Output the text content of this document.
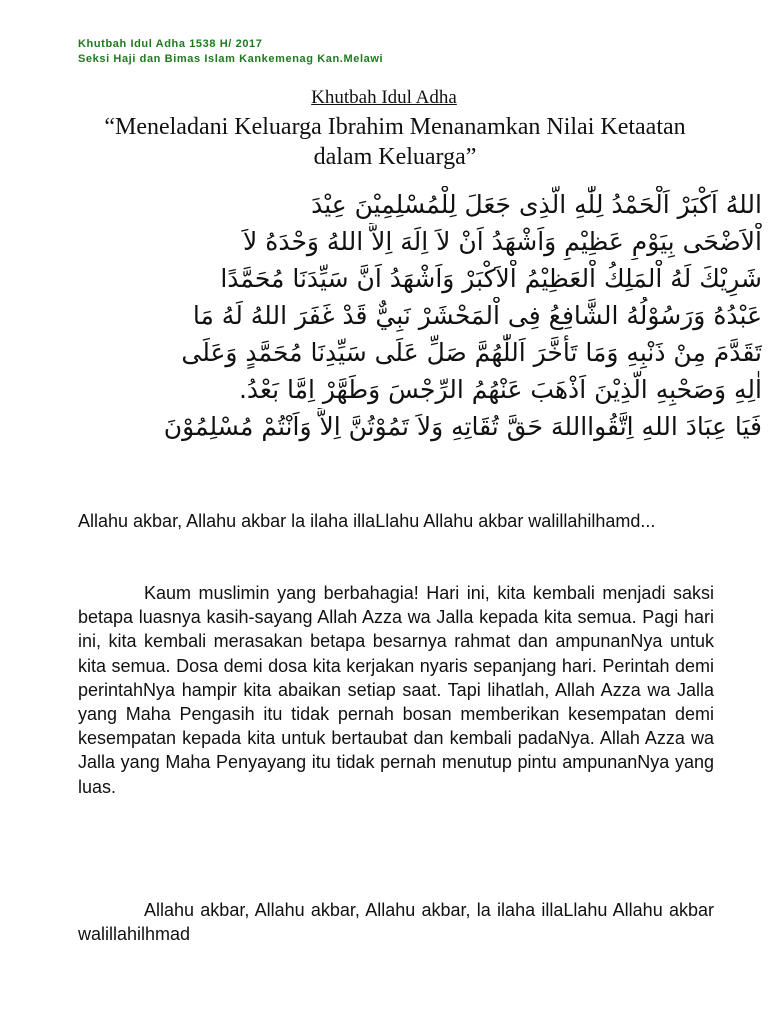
Khutbah Idul Adha 1538 H/ 2017
Seksi Haji dan Bimas Islam Kankemenag Kan.Melawi
Khutbah Idul Adha
“Meneladani Keluarga Ibrahim Menanamkan Nilai Ketaatan dalam Keluarga”
اللهُ اَكْبَرْ اَلْحَمْدُ لِلّٰهِ الَّذِى جَعَلَ لِلْمُسْلِمِيْنَ عِيْدَ
اْلاَضْحَى بِيَوْمٍ عَظِيْمٍ وَاَشْهَدُ اَنْ لاَ اِلَهَ اِلاَّ اللهُ وَحْدَهُ لاَ
شَرِيْكَ لَهُ اْلمَلِكُ اْلعَظِيْمُ اْلاَكْبَرْ وَاَشْهَدُ اَنَّ سَيِّدَنَا مُحَمَّدًا
عَبْدُهُ وَرَسُوْلُهُ الشَّافِعُ فِى اْلمَحْشَرْ نَبِيٌّ قَدْ غَفَرَ اللهُ لَهُ مَا
تَقَدَّمَ مِنْ ذَنْبِهِ وَمَا تَأَخَّرَ اَللّٰهُمَّ صَلِّ عَلَى سَيِّدِنَا مُحَمَّدٍ وَعَلَى
اٰلِهِ وَصَحْبِهِ الَّذِيْنَ اَذْهَبَ عَنْهُمُ الرِّجْسَ وَطَهَّرْ اِمَّا بَعْدُ.
فَيَا عِبَادَ اللهِ اِتَّقُوااللهَ حَقَّ تُقَاتِهِ وَلاَ تَمُوْتُنَّ اِلاَّ وَاَنْتُمْ مُسْلِمُوْنَ

Allahu akbar, Allahu akbar la ilaha illaLlahu Allahu akbar walillahilhamd...

Kaum muslimin yang berbahagia! Hari ini, kita kembali menjadi saksi betapa luasnya kasih-sayang Allah Azza wa Jalla kepada kita semua. Pagi hari ini, kita kembali merasakan betapa besarnya rahmat dan ampunanNya untuk kita semua. Dosa demi dosa kita kerjakan nyaris sepanjang hari. Perintah demi perintahNya hampir kita abaikan setiap saat. Tapi lihatlah, Allah Azza wa Jalla yang Maha Pengasih itu tidak pernah bosan memberikan kesempatan demi kesempatan kepada kita untuk bertaubat dan kembali padaNya. Allah Azza wa Jalla yang Maha Penyayang itu tidak pernah menutup pintu ampunanNya yang luas.

Allahu akbar, Allahu akbar, Allahu akbar, la ilaha illaLlahu Allahu akbar walillahilhmad
